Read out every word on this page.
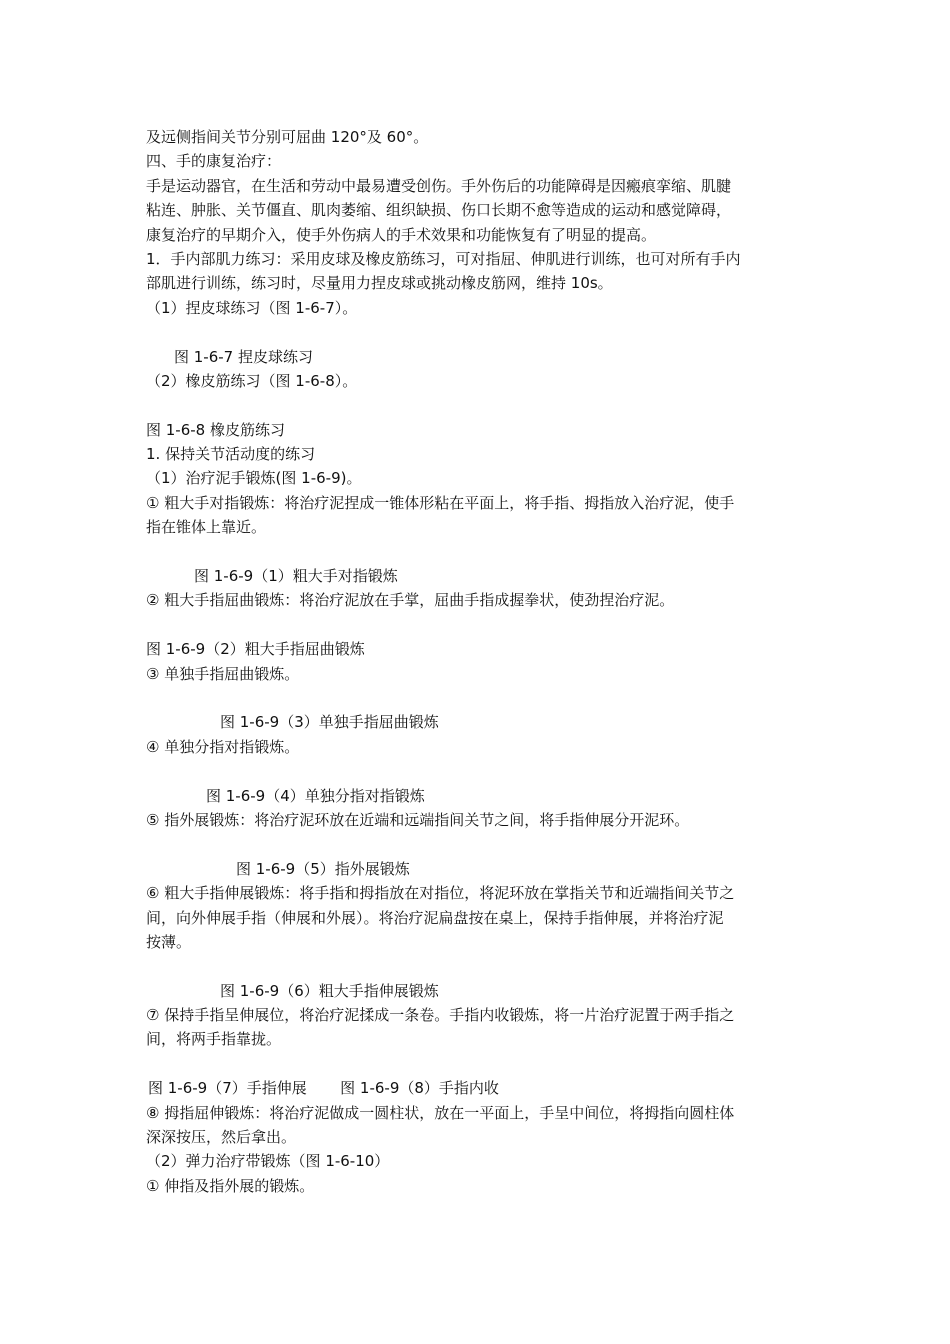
及远侧指间关节分别可屈曲 120°及 60°。
四、手的康复治疗：
手是运动器官，在生活和劳动中最易遭受创伤。手外伤后的功能障碍是因瘢痕挛缩、肌腱
粘连、肿胀、关节僵直、肌肉萎缩、组织缺损、伤口长期不愈等造成的运动和感觉障碍，
康复治疗的早期介入，使手外伤病人的手术效果和功能恢复有了明显的提高。
1．手内部肌力练习：采用皮球及橡皮筋练习，可对指屈、伸肌进行训练，也可对所有手内
部肌进行训练，练习时，尽量用力捏皮球或挑动橡皮筋网，维持 10s。
（1）捏皮球练习（图 1-6-7）。
图 1-6-7 捏皮球练习
（2）橡皮筋练习（图 1-6-8）。
图 1-6-8 橡皮筋练习
1. 保持关节活动度的练习
（1）治疗泥手锻炼(图 1-6-9)。
① 粗大手对指锻炼：将治疗泥捏成一锥体形粘在平面上，将手指、拇指放入治疗泥，使手
指在锥体上靠近。
图 1-6-9（1）粗大手对指锻炼
② 粗大手指屈曲锻炼：将治疗泥放在手掌，屈曲手指成握拳状，使劲捏治疗泥。
图 1-6-9（2）粗大手指屈曲锻炼
③ 单独手指屈曲锻炼。
图 1-6-9（3）单独手指屈曲锻炼
④ 单独分指对指锻炼。
图 1-6-9（4）单独分指对指锻炼
⑤ 指外展锻炼：将治疗泥环放在近端和远端指间关节之间，将手指伸展分开泥环。
图 1-6-9（5）指外展锻炼
⑥ 粗大手指伸展锻炼：将手指和拇指放在对指位，将泥环放在掌指关节和近端指间关节之
间，向外伸展手指（伸展和外展）。将治疗泥扁盘按在桌上，保持手指伸展，并将治疗泥
按薄。
图 1-6-9（6）粗大手指伸展锻炼
⑦ 保持手指呈伸展位，将治疗泥揉成一条卷。手指内收锻炼，将一片治疗泥置于两手指之
间，将两手指靠拢。
图 1-6-9（7）手指伸展       图 1-6-9（8）手指内收
⑧ 拇指屈伸锻炼：将治疗泥做成一圆柱状，放在一平面上，手呈中间位，将拇指向圆柱体
深深按压，然后拿出。
（2）弹力治疗带锻炼（图 1-6-10）
① 伸指及指外展的锻炼。
